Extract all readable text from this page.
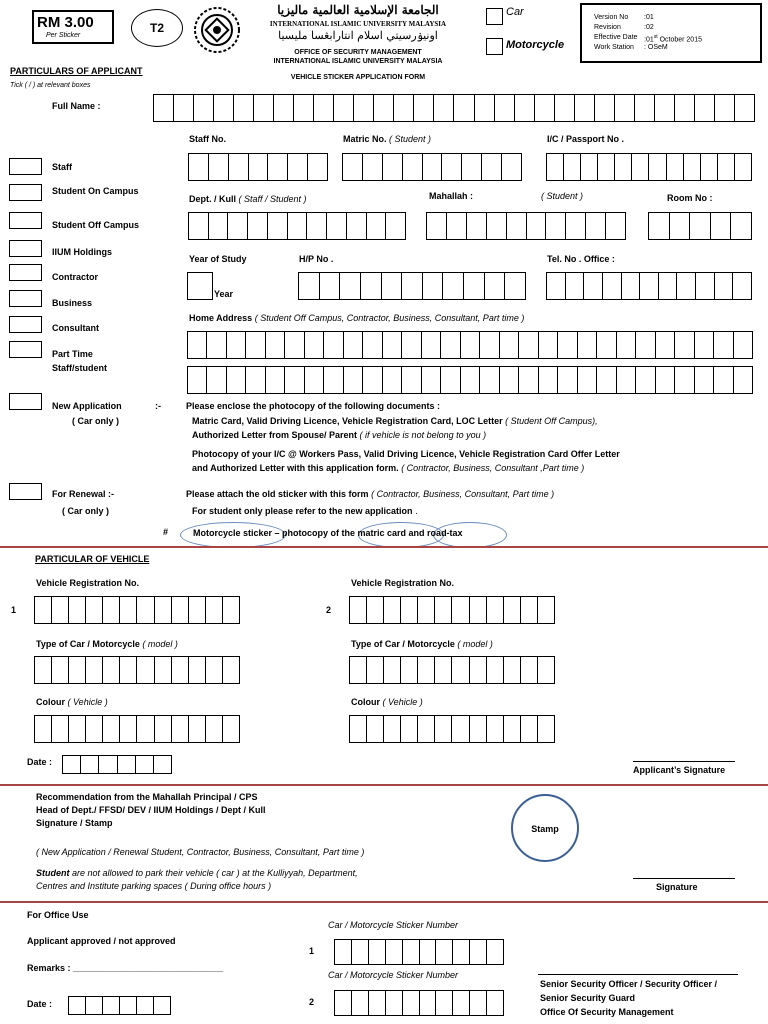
RM 3.00
Per Sticker
T2
الجامعة الإسلامية العالمية ماليزيا
INTERNATIONAL ISLAMIC UNIVERSITY MALAYSIA
اونيۏرسيتي اسلام انتارابڠسا مليسيا
OFFICE OF SECURITY MANAGEMENT
INTERNATIONAL ISLAMIC UNIVERSITY MALAYSIA
VEHICLE STICKER APPLICATION FORM
Car
Motorcycle
Version No :01
Revision	:02
Effective Date :01st October 2015
Work Station : OSeM
PARTICULARS OF APPLICANT
Tick ( / ) at relevant boxes
Full Name :
Staff No.	Matric No. ( Student )	I/C / Passport No .
Dept. / Kull ( Staff / Student )	Mahallah :	( Student )	Room No :
Year of Study	H/P No .	Tel. No . Office :
Year
Home Address ( Student Off Campus, Contractor, Business, Consultant, Part time )
Staff
Student On Campus
Student Off Campus
IIUM Holdings
Contractor
Business
Consultant
Part Time
Staff/student
New Application	:-
( Car only )
Please enclose the photocopy of the following documents :
Matric Card, Valid Driving Licence, Vehicle Registration Card, LOC Letter ( Student Off Campus),
Authorized Letter from Spouse/ Parent ( if vehicle is not belong to you )
Photocopy of your I/C @ Workers Pass, Valid Driving Licence, Vehicle Registration Card Offer Letter
and Authorized Letter with this application form. ( Contractor, Business, Consultant ,Part time )
For Renewal :-
( Car only )
Please attach the old sticker with this form ( Contractor, Business, Consultant, Part time )
For student only please refer to the new application .
#	Motorcycle sticker – photocopy of the matric card and road-tax
PARTICULAR OF VEHICLE
Vehicle Registration No.	Vehicle Registration No.
1	2
Type of Car / Motorcycle ( model )	Type of Car / Motorcycle ( model )
Colour ( Vehicle )	Colour ( Vehicle )
Date :
Applicant’s Signature
Recommendation from the Mahallah Principal / CPS
Head of Dept./ FFSD/ DEV / IIUM Holdings / Dept / Kull
Signature / Stamp
( New Application / Renewal Student, Contractor, Business, Consultant, Part time )
Student are not allowed to park their vehicle ( car ) at the Kulliyyah, Department,
Centres and Institute parking spaces ( During office hours )
Stamp
Signature
For Office Use
Applicant approved / not approved
Remarks : ______________________________
Date :
Car / Motorcycle Sticker Number
1
Car / Motorcycle Sticker Number
2
Senior Security Officer / Security Officer /
Senior Security Guard
Office Of Security Management
